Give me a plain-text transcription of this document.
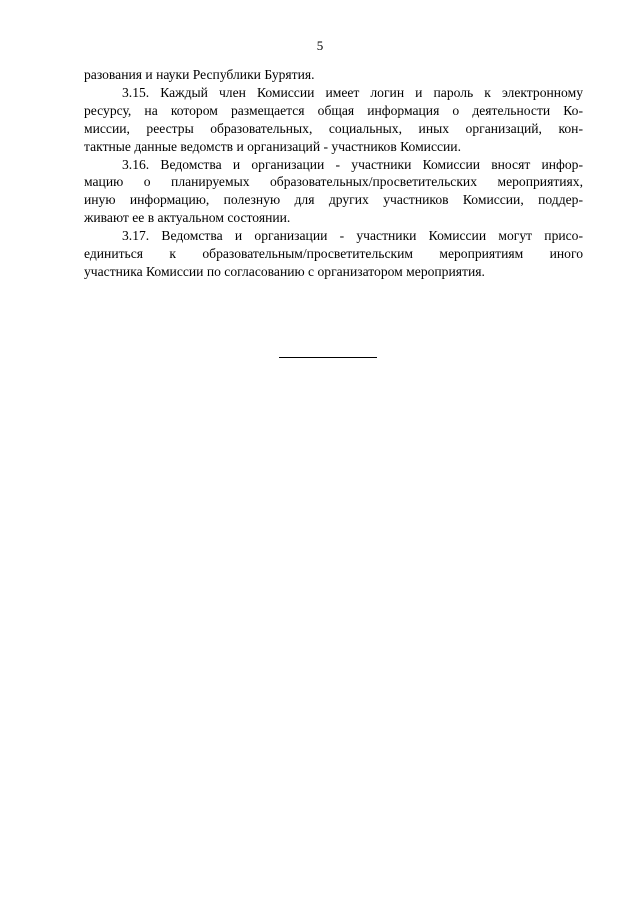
5
разования и науки Республики Бурятия.
3.15. Каждый член Комиссии имеет логин и пароль к электронному
ресурсу, на котором размещается общая информация о деятельности Ко-
миссии, реестры образовательных, социальных, иных организаций, кон-
тактные данные ведомств и организаций - участников Комиссии.
3.16. Ведомства и организации - участники Комиссии вносят инфор-
мацию о планируемых образовательных/просветительских мероприятиях,
иную информацию, полезную для других участников Комиссии, поддер-
живают ее в актуальном состоянии.
3.17. Ведомства и организации - участники Комиссии могут присо-
единиться к образовательным/просветительским мероприятиям иного
участника Комиссии по согласованию с организатором мероприятия.
